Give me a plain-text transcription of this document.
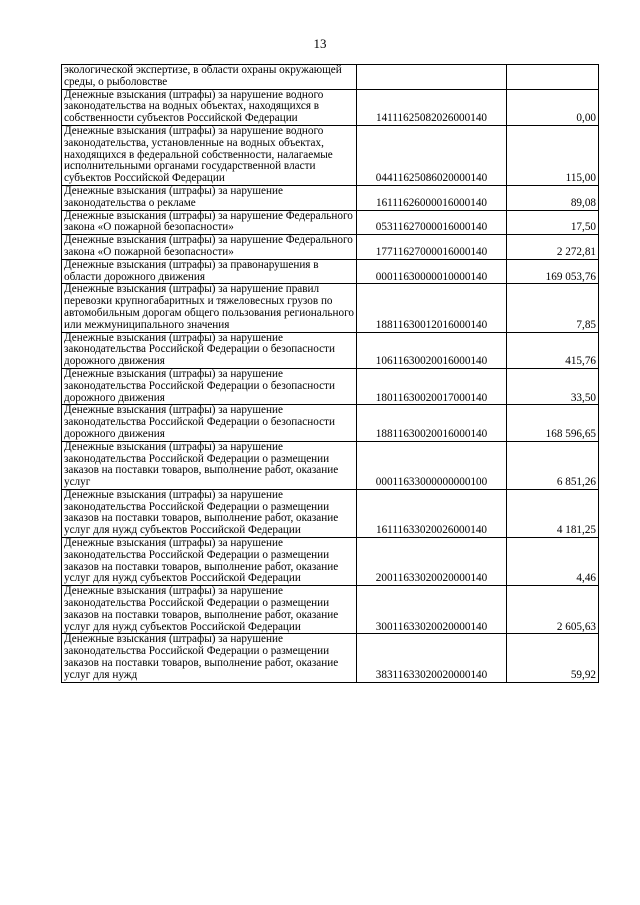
13
экологической экспертизе, в области охраны окружающей среды, о рыболовстве		
Денежные взыскания (штрафы) за нарушение водного законодательства на водных объектах, находящихся в собственности субъектов Российской Федерации	14111625082026000140	0,00
Денежные взыскания (штрафы) за нарушение водного законодательства, установленные на водных объектах, находящихся в федеральной собственности, налагаемые исполнительными органами государственной власти субъектов Российской Федерации	04411625086020000140	115,00
Денежные взыскания (штрафы) за нарушение законодательства о рекламе	16111626000016000140	89,08
Денежные взыскания (штрафы) за нарушение Федерального закона «О пожарной безопасности»	05311627000016000140	17,50
Денежные взыскания (штрафы) за нарушение Федерального закона «О пожарной безопасности»	17711627000016000140	2 272,81
Денежные взыскания (штрафы) за правонарушения в области дорожного движения	00011630000010000140	169 053,76
Денежные взыскания (штрафы) за нарушение правил перевозки крупногабаритных и тяжеловесных грузов по автомобильным дорогам общего пользования регионального или межмуниципального значения	18811630012016000140	7,85
Денежные взыскания (штрафы) за нарушение законодательства Российской Федерации о безопасности дорожного движения	10611630020016000140	415,76
Денежные взыскания (штрафы) за нарушение законодательства Российской Федерации о безопасности дорожного движения	18011630020017000140	33,50
Денежные взыскания (штрафы) за нарушение законодательства Российской Федерации о безопасности дорожного движения	18811630020016000140	168 596,65
Денежные взыскания (штрафы) за нарушение законодательства Российской Федерации о размещении заказов на поставки товаров, выполнение работ, оказание услуг	00011633000000000100	6 851,26
Денежные взыскания (штрафы) за нарушение законодательства Российской Федерации о размещении заказов на поставки товаров, выполнение работ, оказание услуг для нужд субъектов Российской Федерации	16111633020026000140	4 181,25
Денежные взыскания (штрафы) за нарушение законодательства Российской Федерации о размещении заказов на поставки товаров, выполнение работ, оказание услуг для нужд субъектов Российской Федерации	20011633020020000140	4,46
Денежные взыскания (штрафы) за нарушение законодательства Российской Федерации о размещении заказов на поставки товаров, выполнение работ, оказание услуг для нужд субъектов Российской Федерации	30011633020020000140	2 605,63
Денежные взыскания (штрафы) за нарушение законодательства Российской Федерации о размещении заказов на поставки товаров, выполнение работ, оказание услуг для нужд	38311633020020000140	59,92
